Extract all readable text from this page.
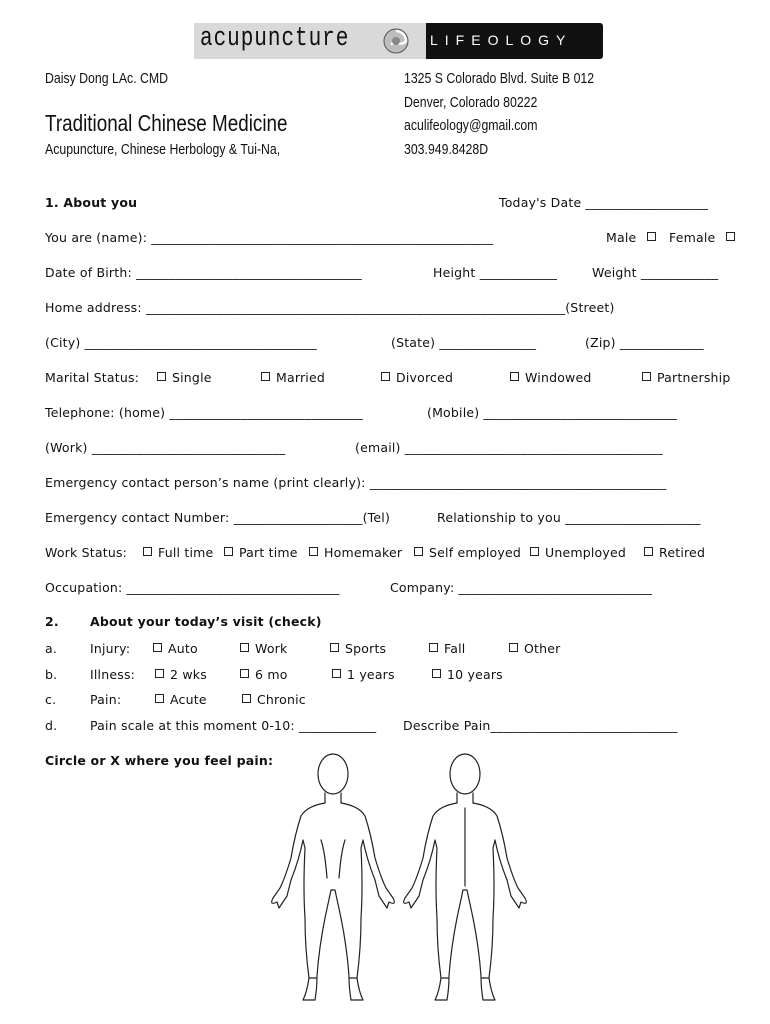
acupuncture	LIFEOLOGY
Daisy Dong LAc. CMD
Traditional Chinese Medicine
Acupuncture, Chinese Herbology & Tui-Na,
1325 S Colorado Blvd. Suite B 012
Denver, Colorado 80222
aculifeology@gmail.com
303.949.8428D
1. About you	Today's Date ___________________
You are (name): _____________________________________________________	Male	Female
Date of Birth: ___________________________________	Height ____________	Weight ____________
Home address: _________________________________________________________________(Street)
(City) ____________________________________	(State) _______________	(Zip) _____________
Marital Status:	Single	Married	Divorced	Windowed	Partnership
Telephone: (home) ______________________________	(Mobile) ______________________________
(Work) ______________________________	(email) ________________________________________
Emergency contact person’s name (print clearly): ______________________________________________
Emergency contact Number: ____________________(Tel)	Relationship to you _____________________
Work Status:	Full time	Part time	Homemaker	Self employed	Unemployed	Retired
Occupation: _________________________________	Company: ______________________________
2. About your today’s visit (check)
a.	Injury:	Auto	Work	Sports	Fall	Other
b.	Illness:	2 wks	6 mo	1 years	10 years
c.	Pain:	Acute	Chronic
d.	Pain scale at this moment 0-10: ____________ Describe Pain_____________________________
Circle or X where you feel pain:
